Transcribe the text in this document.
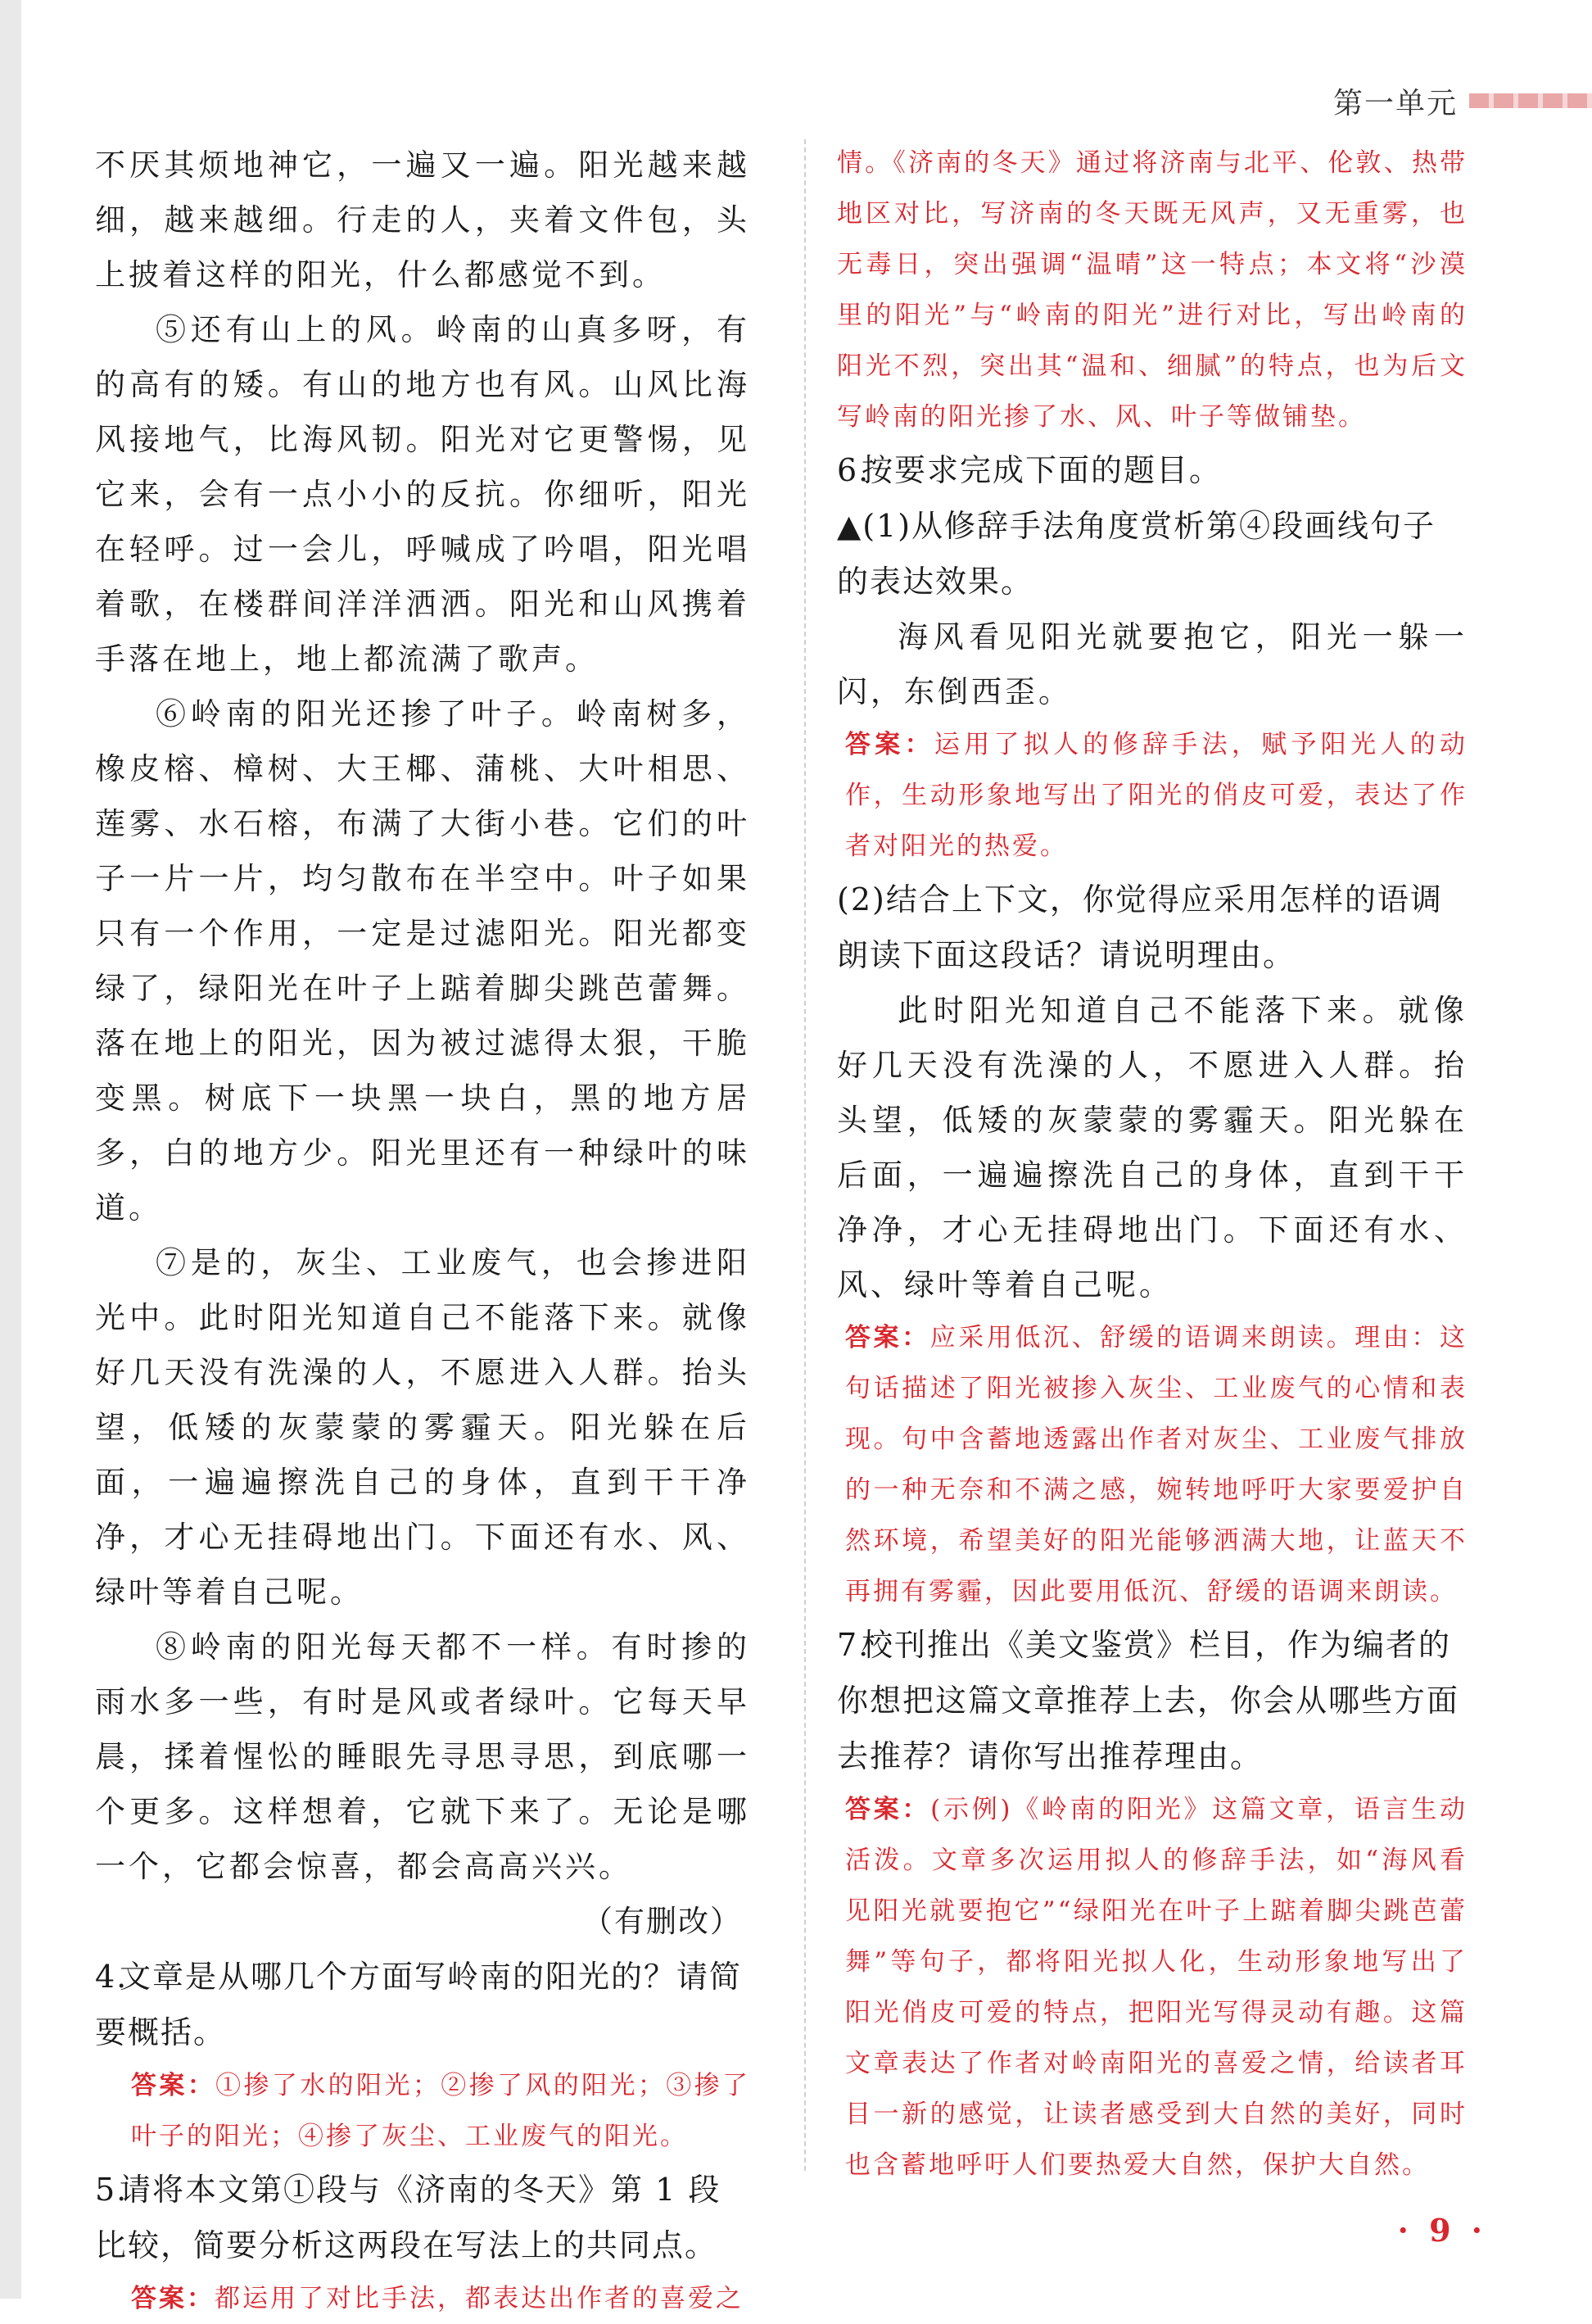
第一单元

不厌其烦地神它，一遍又一遍。阳光越来越细，越来越细。行走的人，夹着文件包，头上披着这样的阳光，什么都感觉不到。

⑤还有山上的风。岭南的山真多呀，有的高有的矮。有山的地方也有风。山风比海风接地气，比海风韧。阳光对它更警惕，见它来，会有一点小小的反抗。你细听，阳光在轻呼。过一会儿，呼喊成了吟唱，阳光唱着歌，在楼群间洋洋洒洒。阳光和山风携着手落在地上，地上都流满了歌声。

⑥岭南的阳光还掺了叶子。岭南树多，橡皮榕、樟树、大王椰、蒲桃、大叶相思、莲雾、水石榕，布满了大街小巷。它们的叶子一片一片，均匀散布在半空中。叶子如果只有一个作用，一定是过滤阳光。阳光都变绿了，绿阳光在叶子上踮着脚尖跳芭蕾舞。落在地上的阳光，因为被过滤得太狠，干脆变黑。树底下一块黑一块白，黑的地方居多，白的地方少。阳光里还有一种绿叶的味道。

⑦是的，灰尘、工业废气，也会掺进阳光中。此时阳光知道自己不能落下来。就像好几天没有洗澡的人，不愿进入人群。抬头望，低矮的灰蒙蒙的雾霾天。阳光躲在后面，一遍遍擦洗自己的身体，直到干干净净，才心无挂碍地出门。下面还有水、风、绿叶等着自己呢。

⑧岭南的阳光每天都不一样。有时掺的雨水多一些，有时是风或者绿叶。它每天早晨，揉着惺忪的睡眼先寻思寻思，到底哪一个更多。这样想着，它就下来了。无论是哪一个，它都会惊喜，都会高高兴兴。

（有删改）

4.文章是从哪几个方面写岭南的阳光的？请简要概括。

答案：①掺了水的阳光；②掺了风的阳光；③掺了叶子的阳光；④掺了灰尘、工业废气的阳光。

5.请将本文第①段与《济南的冬天》第 1 段比较，简要分析这两段在写法上的共同点。

答案：都运用了对比手法，都表达出作者的喜爱之

情。《济南的冬天》通过将济南与北平、伦敦、热带地区对比，写济南的冬天既无风声，又无重雾，也无毒日，突出强调“温晴”这一特点；本文将“沙漠里的阳光”与“岭南的阳光”进行对比，写出岭南的阳光不烈，突出其“温和、细腻”的特点，也为后文写岭南的阳光掺了水、风、叶子等做铺垫。

6.按要求完成下面的题目。

▲(1)从修辞手法角度赏析第④段画线句子的表达效果。

海风看见阳光就要抱它，阳光一躲一闪，东倒西歪。

答案：运用了拟人的修辞手法，赋予阳光人的动作，生动形象地写出了阳光的俏皮可爱，表达了作者对阳光的热爱。

(2)结合上下文，你觉得应采用怎样的语调朗读下面这段话？请说明理由。

此时阳光知道自己不能落下来。就像好几天没有洗澡的人，不愿进入人群。抬头望，低矮的灰蒙蒙的雾霾天。阳光躲在后面，一遍遍擦洗自己的身体，直到干干净净，才心无挂碍地出门。下面还有水、风、绿叶等着自己呢。

答案：应采用低沉、舒缓的语调来朗读。理由：这句话描述了阳光被掺入灰尘、工业废气的心情和表现。句中含蓄地透露出作者对灰尘、工业废气排放的一种无奈和不满之感，婉转地呼吁大家要爱护自然环境，希望美好的阳光能够洒满大地，让蓝天不再拥有雾霾，因此要用低沉、舒缓的语调来朗读。

7.校刊推出《美文鉴赏》栏目，作为编者的你想把这篇文章推荐上去，你会从哪些方面去推荐？请你写出推荐理由。

答案：(示例)《岭南的阳光》这篇文章，语言生动活泼。文章多次运用拟人的修辞手法，如“海风看见阳光就要抱它”“绿阳光在叶子上踮着脚尖跳芭蕾舞”等句子，都将阳光拟人化，生动形象地写出了阳光俏皮可爱的特点，把阳光写得灵动有趣。这篇文章表达了作者对岭南阳光的喜爱之情，给读者耳目一新的感觉，让读者感受到大自然的美好，同时也含蓄地呼吁人们要热爱大自然，保护大自然。

· 9 ·
